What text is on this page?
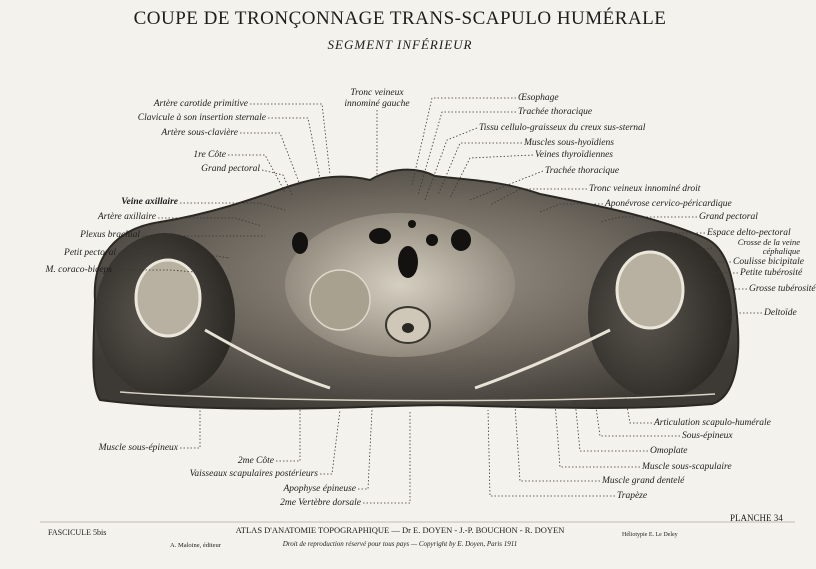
COUPE DE TRONÇONNAGE TRANS-SCAPULO HUMÉRALE
SEGMENT INFÉRIEUR
Artère carotide primitive
Clavicule à son insertion sternale
Artère sous-clavière
1re Côte
Grand pectoral
Veine axillaire
Artère axillaire
Plexus brachial
Petit pectoral
M. coraco-biceps
Tronc veineux innominé gauche
Œsophage
Trachée thoracique
Tissu cellulo-graisseux du creux sus-sternal
Muscles sous-hyoïdiens
Veines thyroïdiennes
Trachée thoracique
Tronc veineux innominé droit
Aponévrose cervico-péricardique
Grand pectoral
Espace delto-pectoral
Crosse de la veine céphalique
Coulisse bicipitale
Petite tubérosité
Grosse tubérosité
Deltoïde
Muscle sous-épineux
2me Côte
Vaisseaux scapulaires postérieurs
Apophyse épineuse
2me Vertèbre dorsale
Articulation scapulo-humérale
Sous-épineux
Omoplate
Muscle sous-scapulaire
Muscle grand dentelé
Trapèze
FASCICULE 5bis
A. Maloine, éditeur
ATLAS D'ANATOMIE TOPOGRAPHIQUE — Dr E. DOYEN - J.-P. BOUCHON - R. DOYEN
Droit de reproduction réservé pour tous pays — Copyright by E. Doyen, Paris 1911
PLANCHE 34
Héliotypie E. Le Deley
